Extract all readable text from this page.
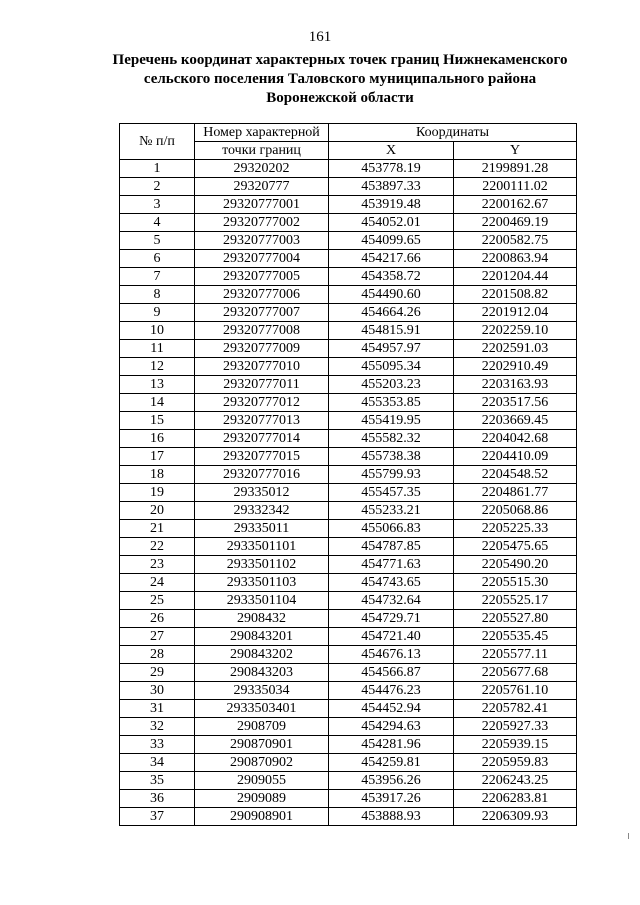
161
Перечень координат характерных точек границ Нижнекаменского
сельского поселения Таловского муниципального района
Воронежской области
№ п/п	Номер характерной	Координаты	
	точки границ	X	Y
1	29320202	453778.19	2199891.28
2	29320777	453897.33	2200111.02
3	29320777001	453919.48	2200162.67
4	29320777002	454052.01	2200469.19
5	29320777003	454099.65	2200582.75
6	29320777004	454217.66	2200863.94
7	29320777005	454358.72	2201204.44
8	29320777006	454490.60	2201508.82
9	29320777007	454664.26	2201912.04
10	29320777008	454815.91	2202259.10
11	29320777009	454957.97	2202591.03
12	29320777010	455095.34	2202910.49
13	29320777011	455203.23	2203163.93
14	29320777012	455353.85	2203517.56
15	29320777013	455419.95	2203669.45
16	29320777014	455582.32	2204042.68
17	29320777015	455738.38	2204410.09
18	29320777016	455799.93	2204548.52
19	29335012	455457.35	2204861.77
20	29332342	455233.21	2205068.86
21	29335011	455066.83	2205225.33
22	2933501101	454787.85	2205475.65
23	2933501102	454771.63	2205490.20
24	2933501103	454743.65	2205515.30
25	2933501104	454732.64	2205525.17
26	2908432	454729.71	2205527.80
27	290843201	454721.40	2205535.45
28	290843202	454676.13	2205577.11
29	290843203	454566.87	2205677.68
30	29335034	454476.23	2205761.10
31	2933503401	454452.94	2205782.41
32	2908709	454294.63	2205927.33
33	290870901	454281.96	2205939.15
34	290870902	454259.81	2205959.83
35	2909055	453956.26	2206243.25
36	2909089	453917.26	2206283.81
37	290908901	453888.93	2206309.93
